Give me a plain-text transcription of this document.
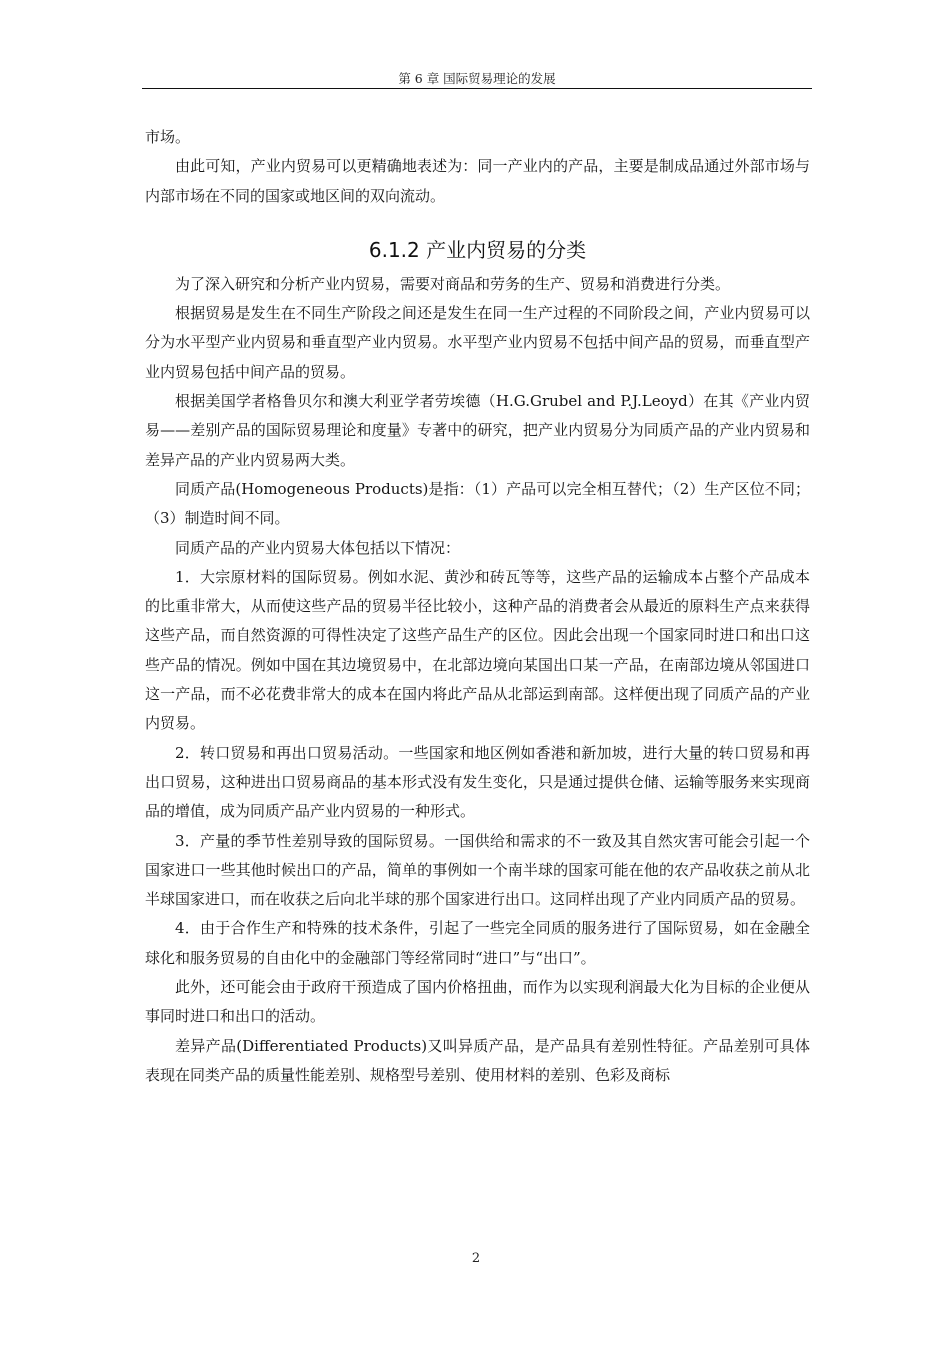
第 6 章 国际贸易理论的发展

市场。

由此可知，产业内贸易可以更精确地表述为：同一产业内的产品，主要是制成品通过外部市场与内部市场在不同的国家或地区间的双向流动。

6.1.2 产业内贸易的分类

为了深入研究和分析产业内贸易，需要对商品和劳务的生产、贸易和消费进行分类。

根据贸易是发生在不同生产阶段之间还是发生在同一生产过程的不同阶段之间，产业内贸易可以分为水平型产业内贸易和垂直型产业内贸易。水平型产业内贸易不包括中间产品的贸易，而垂直型产业内贸易包括中间产品的贸易。

根据美国学者格鲁贝尔和澳大利亚学者劳埃德（H.G.Grubel and P.J.Leoyd）在其《产业内贸易——差别产品的国际贸易理论和度量》专著中的研究，把产业内贸易分为同质产品的产业内贸易和差异产品的产业内贸易两大类。

同质产品(Homogeneous Products)是指：（1）产品可以完全相互替代；（2）生产区位不同；（3）制造时间不同。

同质产品的产业内贸易大体包括以下情况：

1．大宗原材料的国际贸易。例如水泥、黄沙和砖瓦等等，这些产品的运输成本占整个产品成本的比重非常大，从而使这些产品的贸易半径比较小，这种产品的消费者会从最近的原料生产点来获得这些产品，而自然资源的可得性决定了这些产品生产的区位。因此会出现一个国家同时进口和出口这些产品的情况。例如中国在其边境贸易中，在北部边境向某国出口某一产品，在南部边境从邻国进口这一产品，而不必花费非常大的成本在国内将此产品从北部运到南部。这样便出现了同质产品的产业内贸易。

2．转口贸易和再出口贸易活动。一些国家和地区例如香港和新加坡，进行大量的转口贸易和再出口贸易，这种进出口贸易商品的基本形式没有发生变化，只是通过提供仓储、运输等服务来实现商品的增值，成为同质产品产业内贸易的一种形式。

3．产量的季节性差别导致的国际贸易。一国供给和需求的不一致及其自然灾害可能会引起一个国家进口一些其他时候出口的产品，简单的事例如一个南半球的国家可能在他的农产品收获之前从北半球国家进口，而在收获之后向北半球的那个国家进行出口。这同样出现了产业内同质产品的贸易。

4．由于合作生产和特殊的技术条件，引起了一些完全同质的服务进行了国际贸易，如在金融全球化和服务贸易的自由化中的金融部门等经常同时“进口”与“出口”。

此外，还可能会由于政府干预造成了国内价格扭曲，而作为以实现利润最大化为目标的企业便从事同时进口和出口的活动。

差异产品(Differentiated Products)又叫异质产品，是产品具有差别性特征。产品差别可具体表现在同类产品的质量性能差别、规格型号差别、使用材料的差别、色彩及商标

2
